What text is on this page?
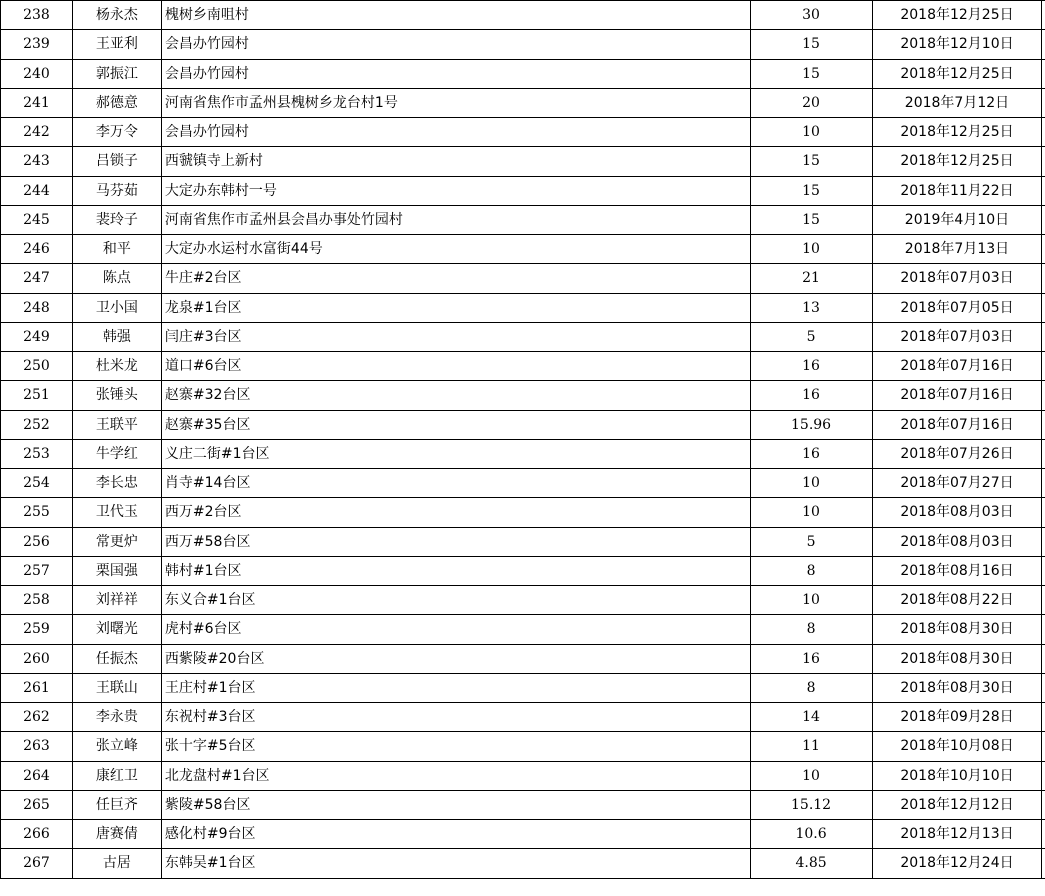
238	杨永杰	槐树乡南咀村	30	2018年12月25日	
239	王亚利	会昌办竹园村	15	2018年12月10日	
240	郭振江	会昌办竹园村	15	2018年12月25日	
241	郝德意	河南省焦作市孟州县槐树乡龙台村1号	20	2018年7月12日	
242	李万令	会昌办竹园村	10	2018年12月25日	
243	吕锁子	西虢镇寺上新村	15	2018年12月25日	
244	马芬茹	大定办东韩村一号	15	2018年11月22日	
245	裴玲子	河南省焦作市孟州县会昌办事处竹园村	15	2019年4月10日	
246	和平	大定办水运村水富街44号	10	2018年7月13日	
247	陈点	牛庄#2台区	21	2018年07月03日	
248	卫小国	龙泉#1台区	13	2018年07月05日	
249	韩强	闫庄#3台区	5	2018年07月03日	
250	杜米龙	道口#6台区	16	2018年07月16日	
251	张锤头	赵寨#32台区	16	2018年07月16日	
252	王联平	赵寨#35台区	15.96	2018年07月16日	
253	牛学红	义庄二街#1台区	16	2018年07月26日	
254	李长忠	肖寺#14台区	10	2018年07月27日	
255	卫代玉	西万#2台区	10	2018年08月03日	
256	常更炉	西万#58台区	5	2018年08月03日	
257	栗国强	韩村#1台区	8	2018年08月16日	
258	刘祥祥	东义合#1台区	10	2018年08月22日	
259	刘曙光	虎村#6台区	8	2018年08月30日	
260	任振杰	西紫陵#20台区	16	2018年08月30日	
261	王联山	王庄村#1台区	8	2018年08月30日	
262	李永贵	东祝村#3台区	14	2018年09月28日	
263	张立峰	张十字#5台区	11	2018年10月08日	
264	康红卫	北龙盘村#1台区	10	2018年10月10日	
265	任巨齐	紫陵#58台区	15.12	2018年12月12日	
266	唐赛倩	感化村#9台区	10.6	2018年12月13日	
267	古居	东韩吴#1台区	4.85	2018年12月24日	
